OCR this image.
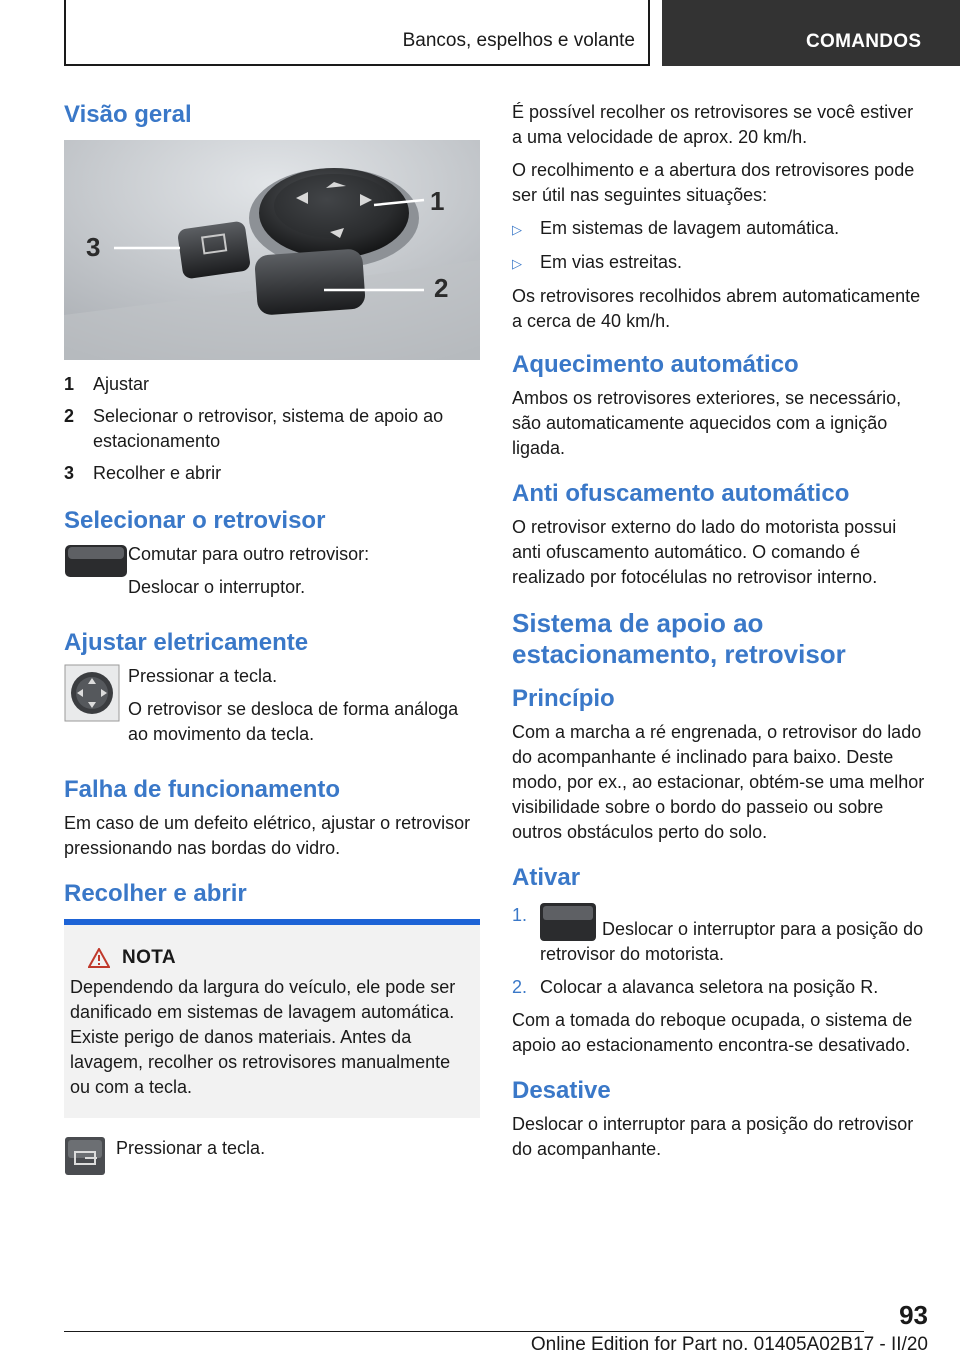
Bancos, espelhos e volante	COMANDOS
Visão geral
1
2
3
1	Ajustar
2	Selecionar o retrovisor, sistema de apoio ao estacionamento
3	Recolher e abrir
Selecionar o retrovisor

Comutar para outro retrovisor:

Deslocar o interruptor.

Ajustar eletricamente

Pressionar a tecla.

O retrovisor se desloca de forma análoga ao movimento da tecla.

Falha de funcionamento

Em caso de um defeito elétrico, ajustar o retrovisor pressionando nas bordas do vidro.

Recolher e abrir
NOTA

Dependendo da largura do veículo, ele pode ser danificado em sistemas de lavagem automática. Existe perigo de danos materiais. Antes da lavagem, recolher os retrovisores manualmente ou com a tecla.

Pressionar a tecla.

É possível recolher os retrovisores se você estiver a uma velocidade de aprox. 20 km/h.

O recolhimento e a abertura dos retrovisores pode ser útil nas seguintes situações:

▷	Em sistemas de lavagem automática.
▷	Em vias estreitas.

Os retrovisores recolhidos abrem automaticamente a cerca de 40 km/h.

Aquecimento automático

Ambos os retrovisores exteriores, se necessário, são automaticamente aquecidos com a ignição ligada.

Anti ofuscamento automático

O retrovisor externo do lado do motorista possui anti ofuscamento automático. O comando é realizado por fotocélulas no retrovisor interno.

Sistema de apoio ao estacionamento, retrovisor
Princípio

Com a marcha a ré engrenada, o retrovisor do lado do acompanhante é inclinado para baixo. Deste modo, por ex., ao estacionar, obtém-se uma melhor visibilidade sobre o bordo do passeio ou sobre outros obstáculos perto do solo.

Ativar
1.
Deslocar o interruptor para a posição do retrovisor do motorista.
2. Colocar a alavanca seletora na posição R.

Com a tomada do reboque ocupada, o sistema de apoio ao estacionamento encontra-se desativado.

Desative

Deslocar o interruptor para a posição do retrovisor do acompanhante.

93
Online Edition for Part no. 01405A02B17 - II/20
